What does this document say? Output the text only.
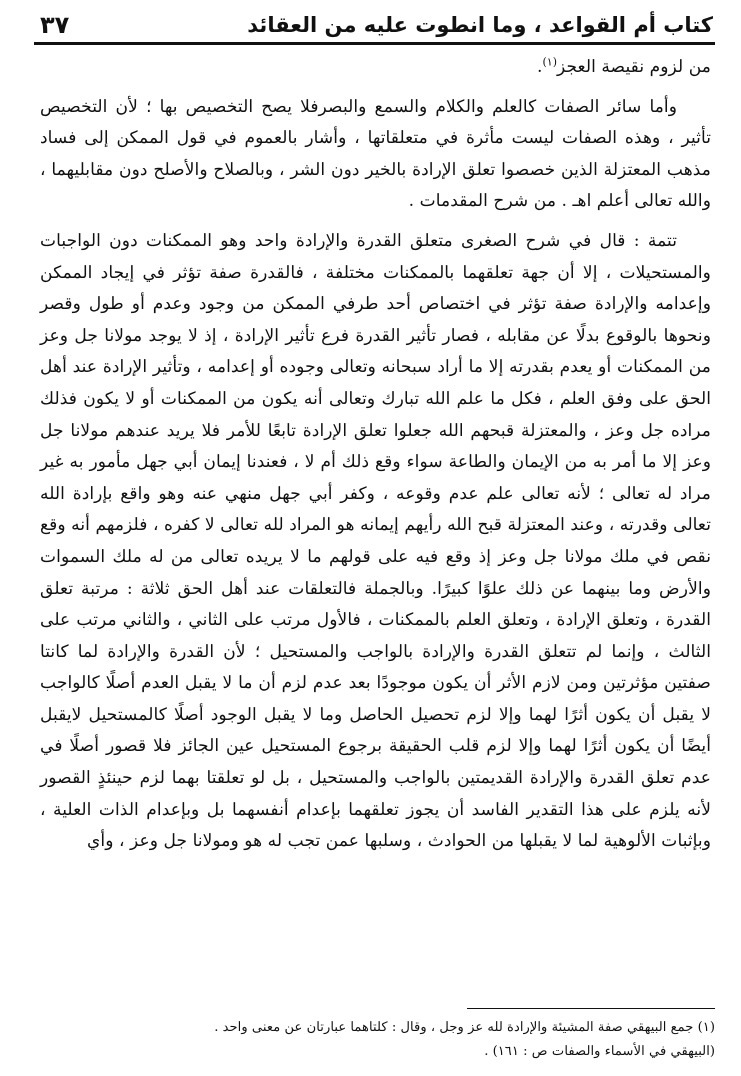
كتاب أم القواعد ، وما انطوت عليه من العقائد
٣٧

من لزوم نقيصة العجز$^{(١)}$.

وأما سائر الصفات كالعلم والكلام والسمع والبصرفلا يصح التخصيص بها ؛ لأن التخصيص تأثير ، وهذه الصفات ليست مأثرة في متعلقاتها ، وأشار بالعموم في قول الممكن إلى فساد مذهب المعتزلة الذين خصصوا تعلق الإرادة بالخير دون الشر ، وبالصلاح والأصلح دون مقابليهما ، والله تعالى أعلم اهـ . من شرح المقدمات .

تتمة : قال في شرح الصغرى متعلق القدرة والإرادة واحد وهو الممكنات دون الواجبات والمستحيلات ، إلا أن جهة تعلقهما بالممكنات مختلفة ، فالقدرة صفة تؤثر في إيجاد الممكن وإعدامه والإرادة صفة تؤثر في اختصاص أحد طرفي الممكن من وجود وعدم أو طول وقصر ونحوها بالوقوع بدلًا عن مقابله ، فصار تأثير القدرة فرع تأثير الإرادة ، إذ لا يوجد مولانا جل وعز من الممكنات أو يعدم بقدرته إلا ما أراد سبحانه وتعالى وجوده أو إعدامه ، وتأثير الإرادة عند أهل الحق على وفق العلم ، فكل ما علم الله تبارك وتعالى أنه يكون من الممكنات أو لا يكون فذلك مراده جل وعز ، والمعتزلة قبحهم الله جعلوا تعلق الإرادة تابعًا للأمر فلا يريد عندهم مولانا جل وعز إلا ما أمر به من الإيمان والطاعة سواء وقع ذلك أم لا ، فعندنا إيمان أبي جهل مأمور به غير مراد له تعالى ؛ لأنه تعالى علم عدم وقوعه ، وكفر أبي جهل منهي عنه وهو واقع بإرادة الله تعالى وقدرته ، وعند المعتزلة قبح الله رأيهم إيمانه هو المراد لله تعالى لا كفره ، فلزمهم أنه وقع نقص في ملك مولانا جل وعز إذ وقع فيه على قولهم ما لا يريده تعالى من له ملك السموات والأرض وما بينهما عن ذلك علوًا كبيرًا. وبالجملة فالتعلقات عند أهل الحق ثلاثة : مرتبة تعلق القدرة ، وتعلق الإرادة ، وتعلق العلم بالممكنات ، فالأول مرتب على الثاني ، والثاني مرتب على الثالث ، وإنما لم تتعلق القدرة والإرادة بالواجب والمستحيل ؛ لأن القدرة والإرادة لما كانتا صفتين مؤثرتين ومن لازم الأثر أن يكون موجودًا بعد عدم لزم أن ما لا يقبل العدم أصلًا كالواجب لا يقبل أن يكون أثرًا لهما وإلا لزم تحصيل الحاصل وما لا يقبل الوجود أصلًا كالمستحيل لايقبل أيضًا أن يكون أثرًا لهما وإلا لزم قلب الحقيقة برجوع المستحيل عين الجائز فلا قصور أصلًا في عدم تعلق القدرة والإرادة القديمتين بالواجب والمستحيل ، بل لو تعلقتا بهما لزم حينئذٍ القصور لأنه يلزم على هذا التقدير الفاسد أن يجوز تعلقهما بإعدام أنفسهما بل وبإعدام الذات العلية ، وبإثبات الألوهية لما لا يقبلها من الحوادث ، وسلبها عمن تجب له هو ومولانا جل وعز ، وأي

(١) جمع البيهقي صفة المشيئة والإرادة لله عز وجل ، وقال : كلتاهما عبارتان عن معنى واحد .

(البيهقي في الأسماء والصفات ص : ١٦١) .
